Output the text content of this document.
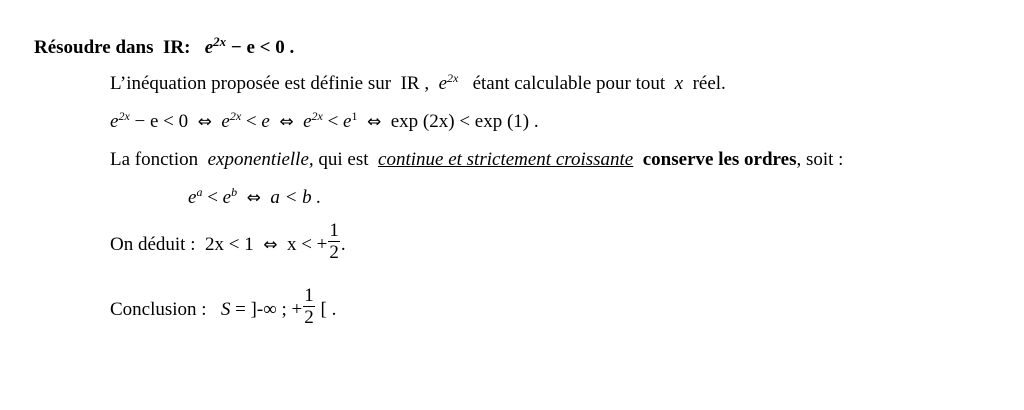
Résoudre dans IR: $e^{2x} - e < 0$ .
L’inéquation proposée est définie sur IR , $e^{2x}$ étant calculable pour tout x réel.
$e^{2x} - e < 0$ ⇔ $e^{2x} < e$ ⇔ $e^{2x} < e^1$ ⇔ exp (2x) < exp (1) .
La fonction exponentielle, qui est continue et strictement croissante conserve les ordres, soit :
$e^a < e^b$ ⇔ a < b .
On déduit : 2x < 1 ⇔ x < + $\frac{1}{2}$ .
Conclusion : S = ]-∞ ; + $\frac{1}{2}$ [ .
